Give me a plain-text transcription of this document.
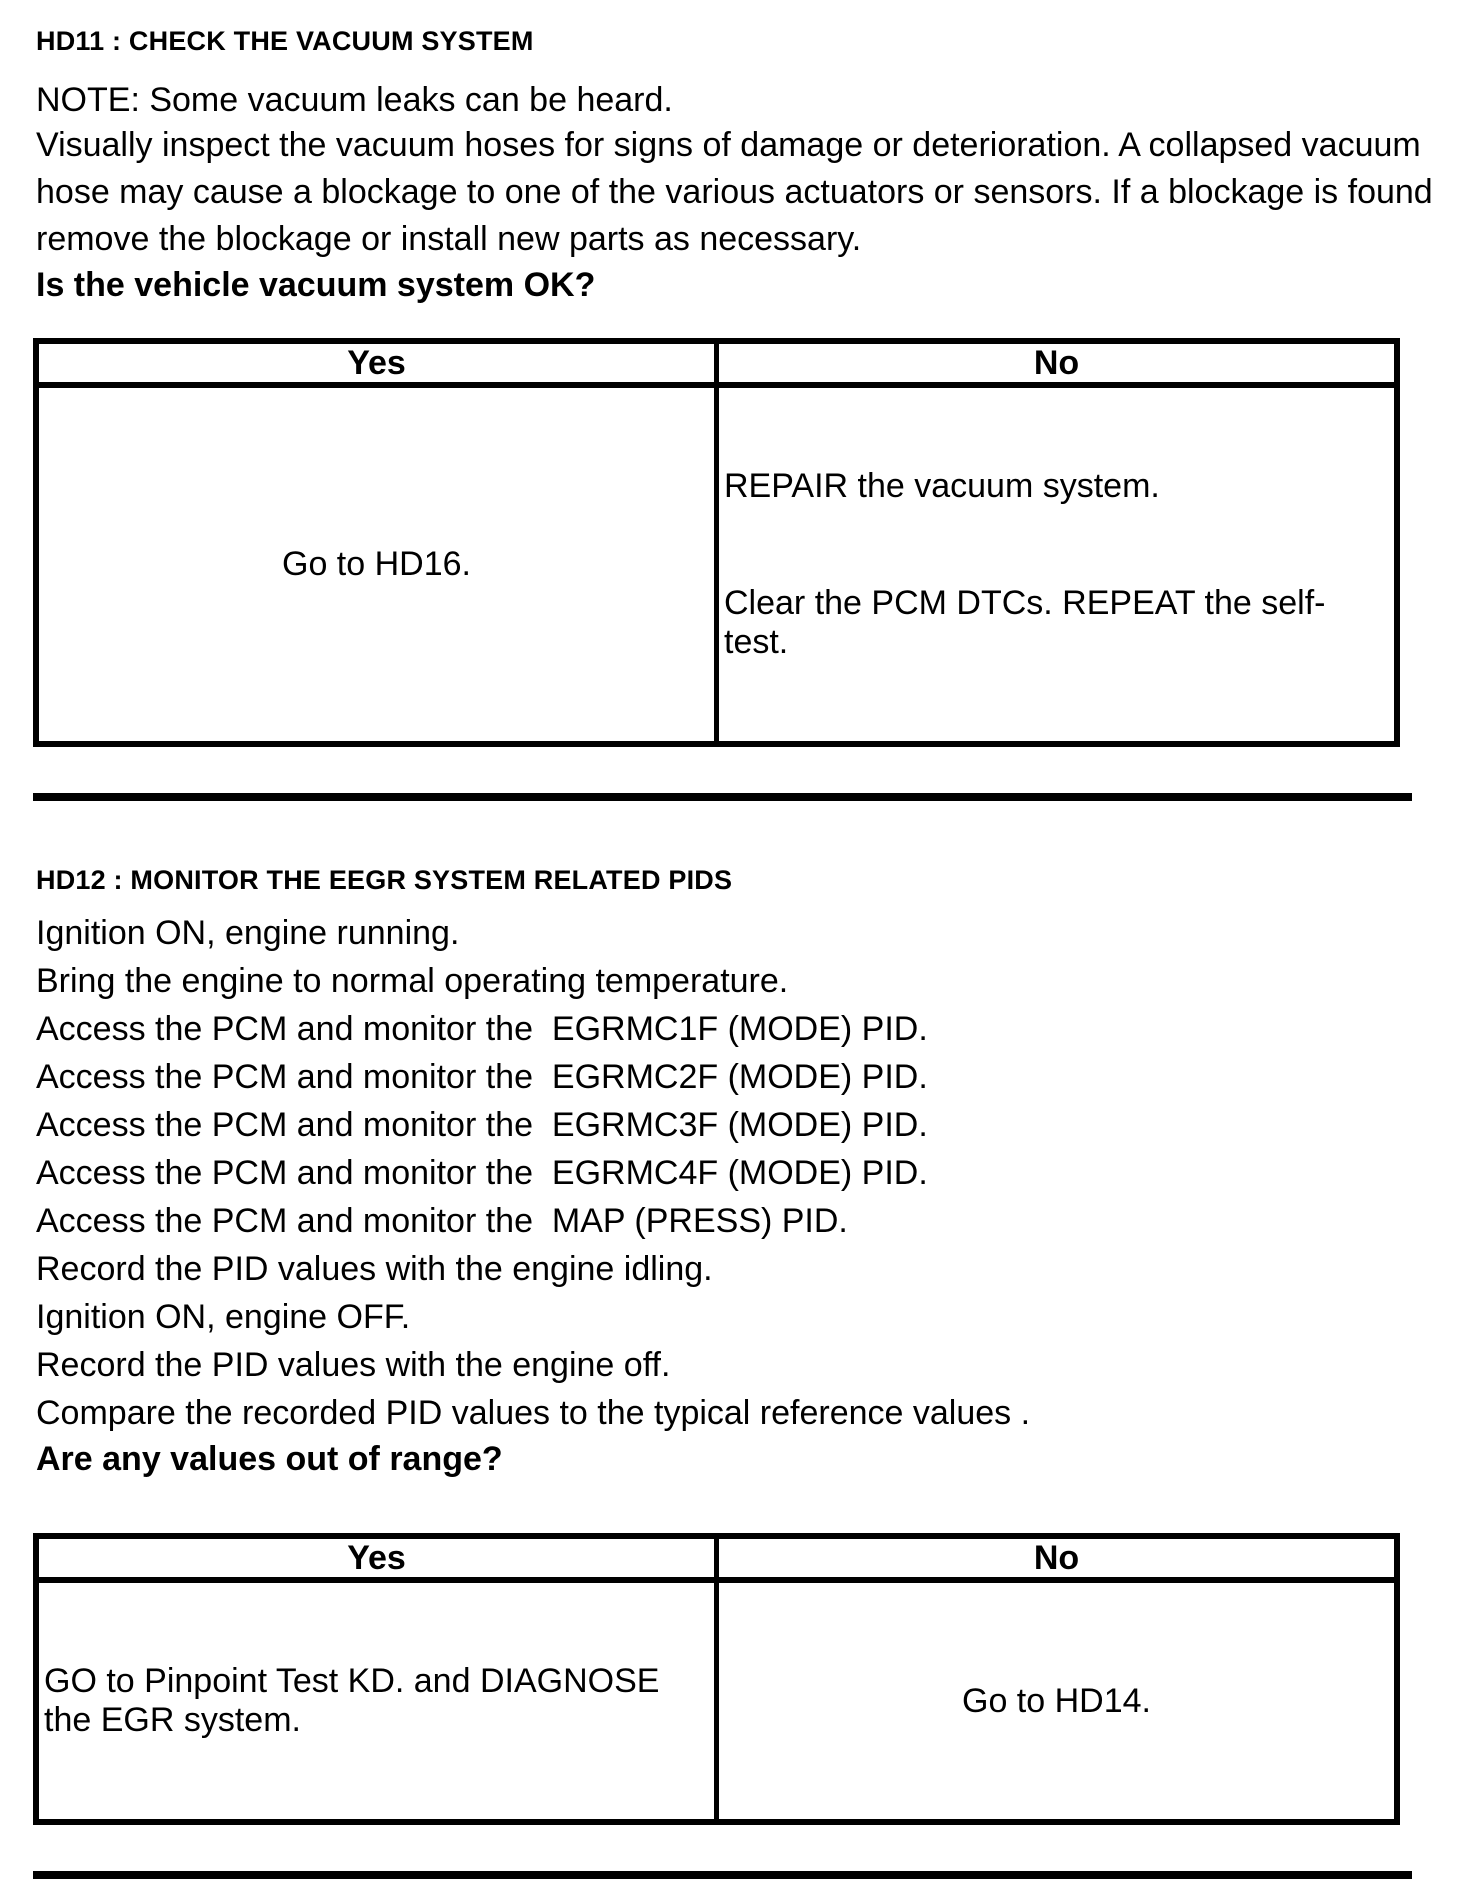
HD11 : CHECK THE VACUUM SYSTEM
NOTE: Some vacuum leaks can be heard.
Visually inspect the vacuum hoses for signs of damage or deterioration. A collapsed vacuum hose may cause a blockage to one of the various actuators or sensors. If a blockage is found remove the blockage or install new parts as necessary.
Is the vehicle vacuum system OK?
Yes	No

Go to HD16.	REPAIR the vacuum system.

Clear the PCM DTCs. REPEAT the self-test.

HD12 : MONITOR THE EEGR SYSTEM RELATED PIDS
Ignition ON, engine running.
Bring the engine to normal operating temperature.
Access the PCM and monitor the  EGRMC1F (MODE) PID.
Access the PCM and monitor the  EGRMC2F (MODE) PID.
Access the PCM and monitor the  EGRMC3F (MODE) PID.
Access the PCM and monitor the  EGRMC4F (MODE) PID.
Access the PCM and monitor the  MAP (PRESS) PID.
Record the PID values with the engine idling.
Ignition ON, engine OFF.
Record the PID values with the engine off.
Compare the recorded PID values to the typical reference values .
Are any values out of range?
Yes	No

GO to Pinpoint Test KD. and DIAGNOSE the EGR system.	Go to HD14.
